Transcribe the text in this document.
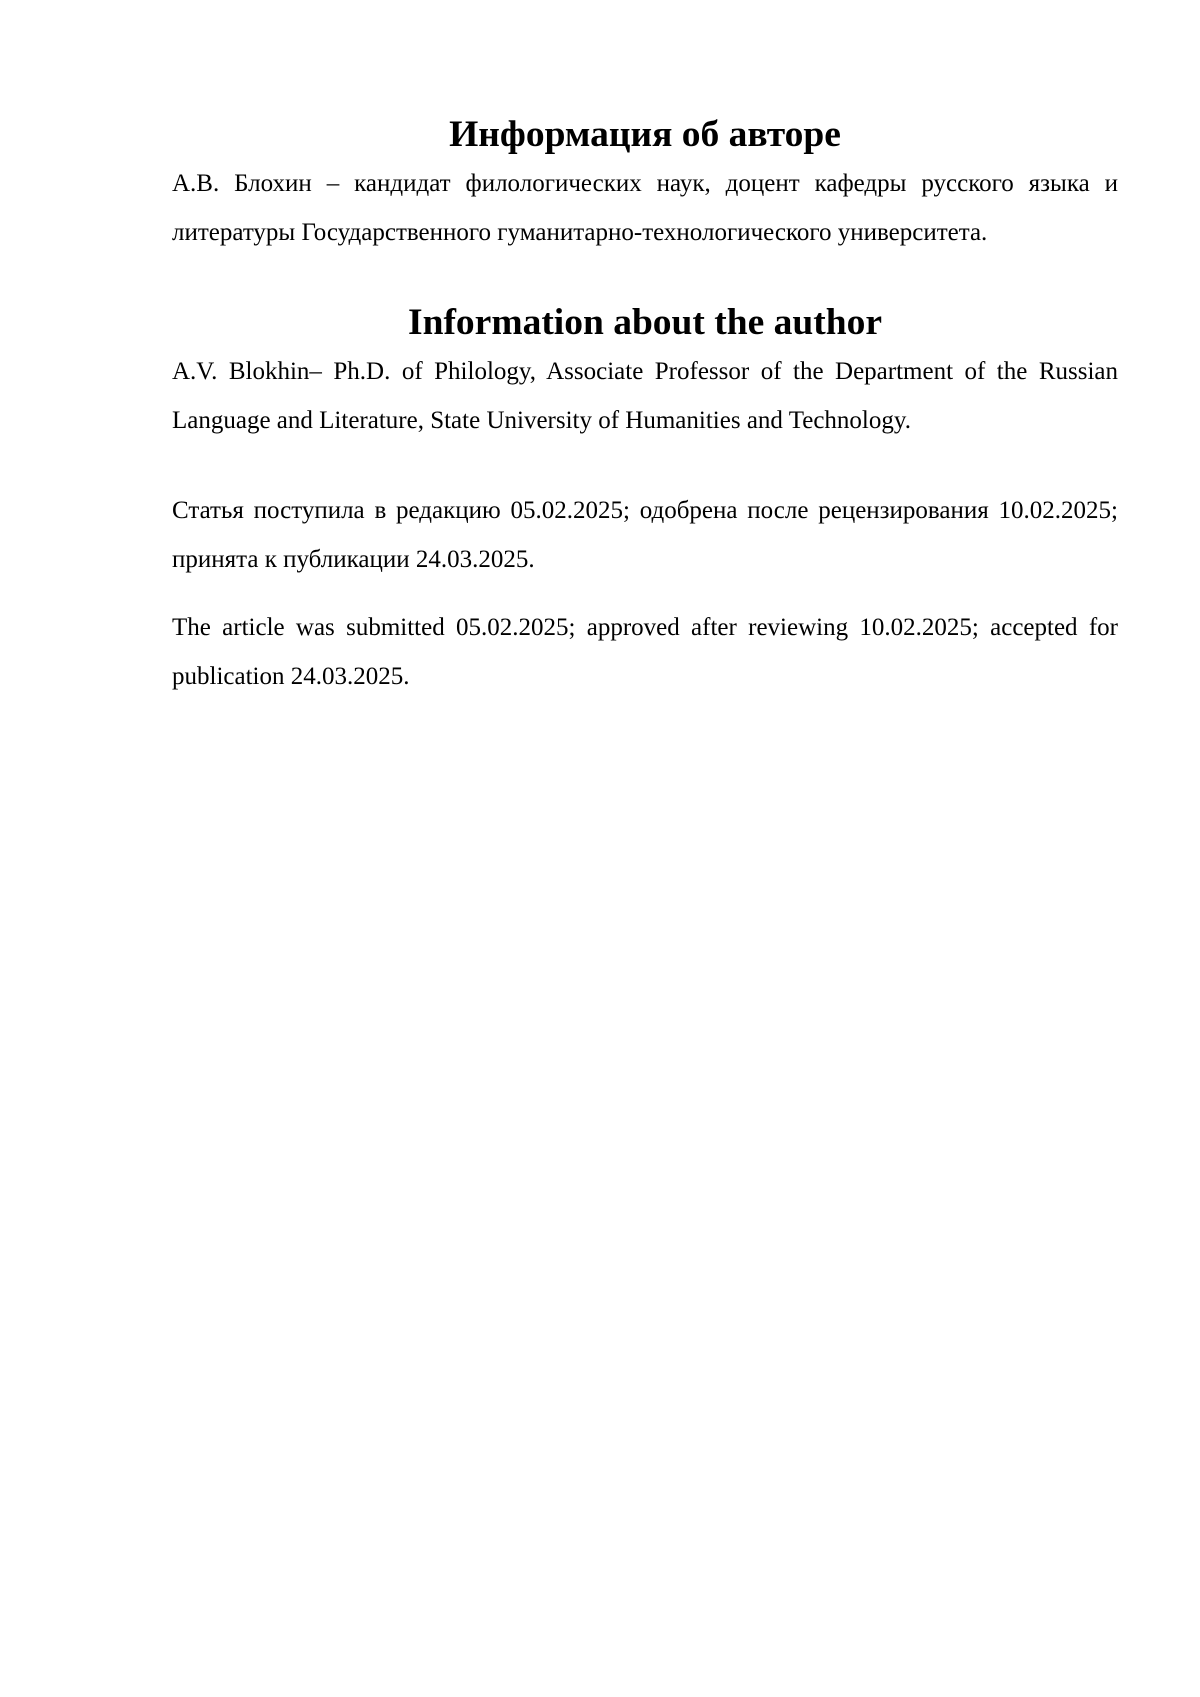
Информация об авторе

А.В. Блохин – кандидат филологических наук, доцент кафедры русского языка и литературы Государственного гуманитарно-технологического университета.

Information about the author

A.V. Blokhin– Ph.D. of Philology, Associate Professor of the Department of the Russian Language and Literature, State University of Humanities and Technology.

Статья поступила в редакцию 05.02.2025; одобрена после рецензирования 10.02.2025; принята к публикации 24.03.2025.

The article was submitted 05.02.2025; approved after reviewing 10.02.2025; accepted for publication 24.03.2025.
